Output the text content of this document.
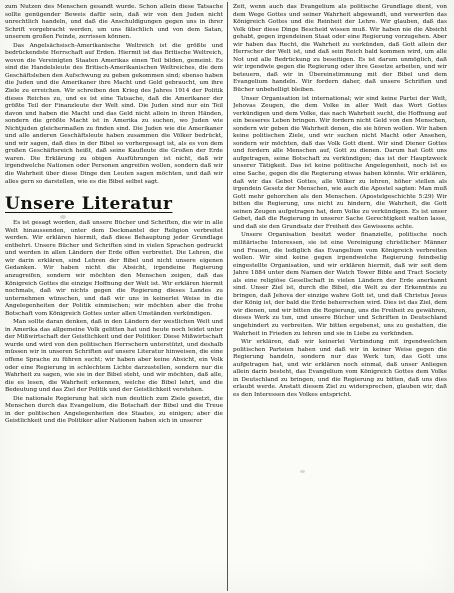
zum Nutzen des Menschen gesandt wurde. Schon allein diese Tatsache sollte genügender Beweis dafür sein, daß wir von den Juden nicht unrechtlich handeln, und daß die Anschuldigungen gegen uns in ihrer Schrift vorgebracht werden, um uns fälschlich und von dem Satan, unserem großen Feinde, zerrissen können.

Das Angelsächsisch-Amerikanische Weltreich ist die größte und bedrückendste Herrschaft auf Erden. Hiermit ist das Britische Weltreich, wovon die Vereinigten Staaten Amerikas einen Teil bilden, gemeint. Es sind die Handelsleute des Britisch-Amerikanischen Weltreiches, die dem Geschäftsleben den Aufschwung zu geben gekommen sind; ebenso haben die Juden und die Amerikaner ihre Macht und Geld gebraucht, um ihre Ziele zu erreichen. Wir schreiben den Krieg des Jahres 1914 der Politik dieses Reiches zu, und es ist eine Tatsache, daß die Amerikaner der größte Teil der Finanzleute der Welt sind. Die Juden sind nur ein Teil davon und haben die Macht und das Geld nicht allein in ihren Händen, sondern die größte Macht ist in Amerika zu suchen, wo Juden wie Nichtjuden gleichermaßen zu finden sind. Die Juden wie die Amerikaner und alle anderen Geschäftsleute haben zusammen die Völker bedrückt, und wir sagen, daß dies in der Bibel so vorhergesagt ist, als es von dem großen Geschäftsreich heißt, daß seine Kaufleute die Großen der Erde waren. Die Erklärung zu obigen Ausführungen ist nicht, daß wir irgendwelche Nationen oder Personen angreifen wollen, sondern daß wir die Wahrheit über diese Dinge den Leuten sagen möchten, und daß wir alles gern so darstellen, wie es die Bibel selbst sagt.

Unsere Literatur

Es ist gesagt worden, daß unsere Bücher und Schriften, die wir in alle Welt hinaussenden, unter dem Deckmantel der Religion verbreitet werden. Wir erklären hiermit, daß diese Behauptung jeder Grundlage entbehrt. Unsere Bücher und Schriften sind in vielen Sprachen gedruckt und werden in allen Ländern der Erde offen verbreitet. Die Lehren, die wir darin erklären, sind Lehren der Bibel und nicht unsere eigenen Gedanken. Wir haben nicht die Absicht, irgendeine Regierung anzugreifen, sondern wir möchten den Menschen zeigen, daß das Königreich Gottes die einzige Hoffnung der Welt ist. Wir erklären hiermit nochmals, daß wir nichts gegen die Regierung dieses Landes zu unternehmen wünschen, und daß wir uns in keinerlei Weise in die Angelegenheiten der Politik einmischen; wir möchten aber die frohe Botschaft vom Königreich Gottes unter allen Umständen verkündigen.

Man sollte daran denken, daß in den Ländern der westlichen Welt und in Amerika das allgemeine Volk gelitten hat und heute noch leidet unter der Mißwirtschaft der Geistlichkeit und der Politiker. Diese Mißwirtschaft wurde und wird von den politischen Herrschern unterstützt, und deshalb müssen wir in unseren Schriften auf unsere Literatur hinweisen, die eine offene Sprache zu führen sucht; wir haben aber keine Absicht, ein Volk oder eine Regierung in schlechtem Lichte darzustellen, sondern nur die Wahrheit zu sagen, wie sie in der Bibel steht, und wir möchten, daß alle, die es lesen, die Wahrheit erkennen, welche die Bibel lehrt, und die Bedeutung und das Ziel der Politik und der Geistlichkeit verstehen.

Die nationale Regierung hat sich nun deutlich zum Ziele gesetzt, die Menschen durch das Evangelium, die Botschaft der Bibel und die Treue in der politischen Angelegenheiten des Staates, zu einigen; aber die Geistlichkeit und die Politiker aller Nationen haben sich in unserer

Zeit, wenn auch das Evangelium als politische Grundlage dient, von dem Wege Gottes und seiner Wahrheit abgewandt, und verwerfen das Königreich Gottes und die Reinheit der Lehre. Wir glauben, daß das Volk über diese Dinge Bescheid wissen muß. Wir haben nie die Absicht gehabt, gegen irgendeinen Staat oder eine Regierung vorzugehen. Aber wir haben das Recht, die Wahrheit zu verkünden, daß Gott allein der Herrscher der Welt ist, und daß sein Reich bald kommen wird, um alle Not und alle Bedrückung zu beseitigen. Es ist darum unmöglich, daß wir irgendwie gegen die Regierung oder ihre Gesetze arbeiten, und wir beteuern, daß wir in Übereinstimmung mit der Bibel und dem Evangelium handeln. Wir fordern daher, daß unsere Schriften und Bücher unbehelligt bleiben.

Unser Organisation ist international; wir sind keine Partei der Welt, Jehovas Zeugen, die dem Volke in aller Welt das Wort Gottes verkündigen und dem Volke, das nach Wahrheit sucht, die Hoffnung auf ein besseres Leben bringen. Wir fordern nicht Geld von den Menschen, sondern wir geben die Wahrheit denen, die sie hören wollen. Wir haben keine politischen Ziele, und wir suchen nicht Macht oder Ansehen, sondern wir möchten, daß das Volk Gott dient. Wir sind Diener Gottes und fordern alle Menschen auf, Gott zu dienen. Darum hat Gott uns aufgetragen, seine Botschaft zu verkündigen; das ist der Hauptzweck unserer Tätigkeit. Das ist keine politische Angelegenheit, noch ist es eine Sache, gegen die die Regierung etwas haben könnte. Wir erklären, daß wir das Gebot Gottes, alle Völker zu lehren, höher stellen als irgendein Gesetz der Menschen, wie auch die Apostel sagten: Man muß Gott mehr gehorchen als den Menschen. (Apostelgeschichte 5:29) Wir bitten die Regierung, uns nicht zu hindern, die Wahrheit, die Gott seinen Zeugen aufgetragen hat, dem Volke zu verkündigen. Es ist unser Gebet, daß die Regierung in unserer Sache Gerechtigkeit walten lasse, und daß sie den Grundsatz der Freiheit des Gewissens achte.

Unsere Organisation besitzt weder finanzielle, politische noch militärische Interessen, sie ist eine Vereinigung christlicher Männer und Frauen, die lediglich das Evangelium vom Königreich verbreiten wollen. Wir sind keine gegen irgendwelche Regierung feindselig eingestellte Organisation, und wir erklären hiermit, daß wir seit dem Jahre 1884 unter dem Namen der Watch Tower Bible and Tract Society als eine religiöse Gesellschaft in vielen Ländern der Erde anerkannt sind. Unser Ziel ist, durch die Bibel, die Welt zu der Erkenntnis zu bringen, daß Jehova der einzige wahre Gott ist, und daß Christus Jesus der König ist, der bald die Erde beherrschen wird. Dies ist das Ziel, dem wir dienen, und wir bitten die Regierung, uns die Freiheit zu gewähren, dieses Werk zu tun, und unsere Bücher und Schriften in Deutschland ungehindert zu verbreiten. Wir bitten ergebenst, uns zu gestatten, die Wahrheit in Frieden zu lehren und sie in Liebe zu verkünden.

Wir erklären, daß wir keinerlei Verbindung mit irgendwelchen politischen Parteien haben und daß wir in keiner Weise gegen die Regierung handeln, sondern nur das Werk tun, das Gott uns aufgetragen hat, und wir erklären noch einmal, daß unser Anliegen allein darin besteht, das Evangelium vom Königreich Gottes dem Volke in Deutschland zu bringen, und die Regierung zu bitten, daß uns dies erlaubt werde. Anstatt diesem Ziel zu widersprechen, glauben wir, daß es den Interessen des Volkes entspricht.
